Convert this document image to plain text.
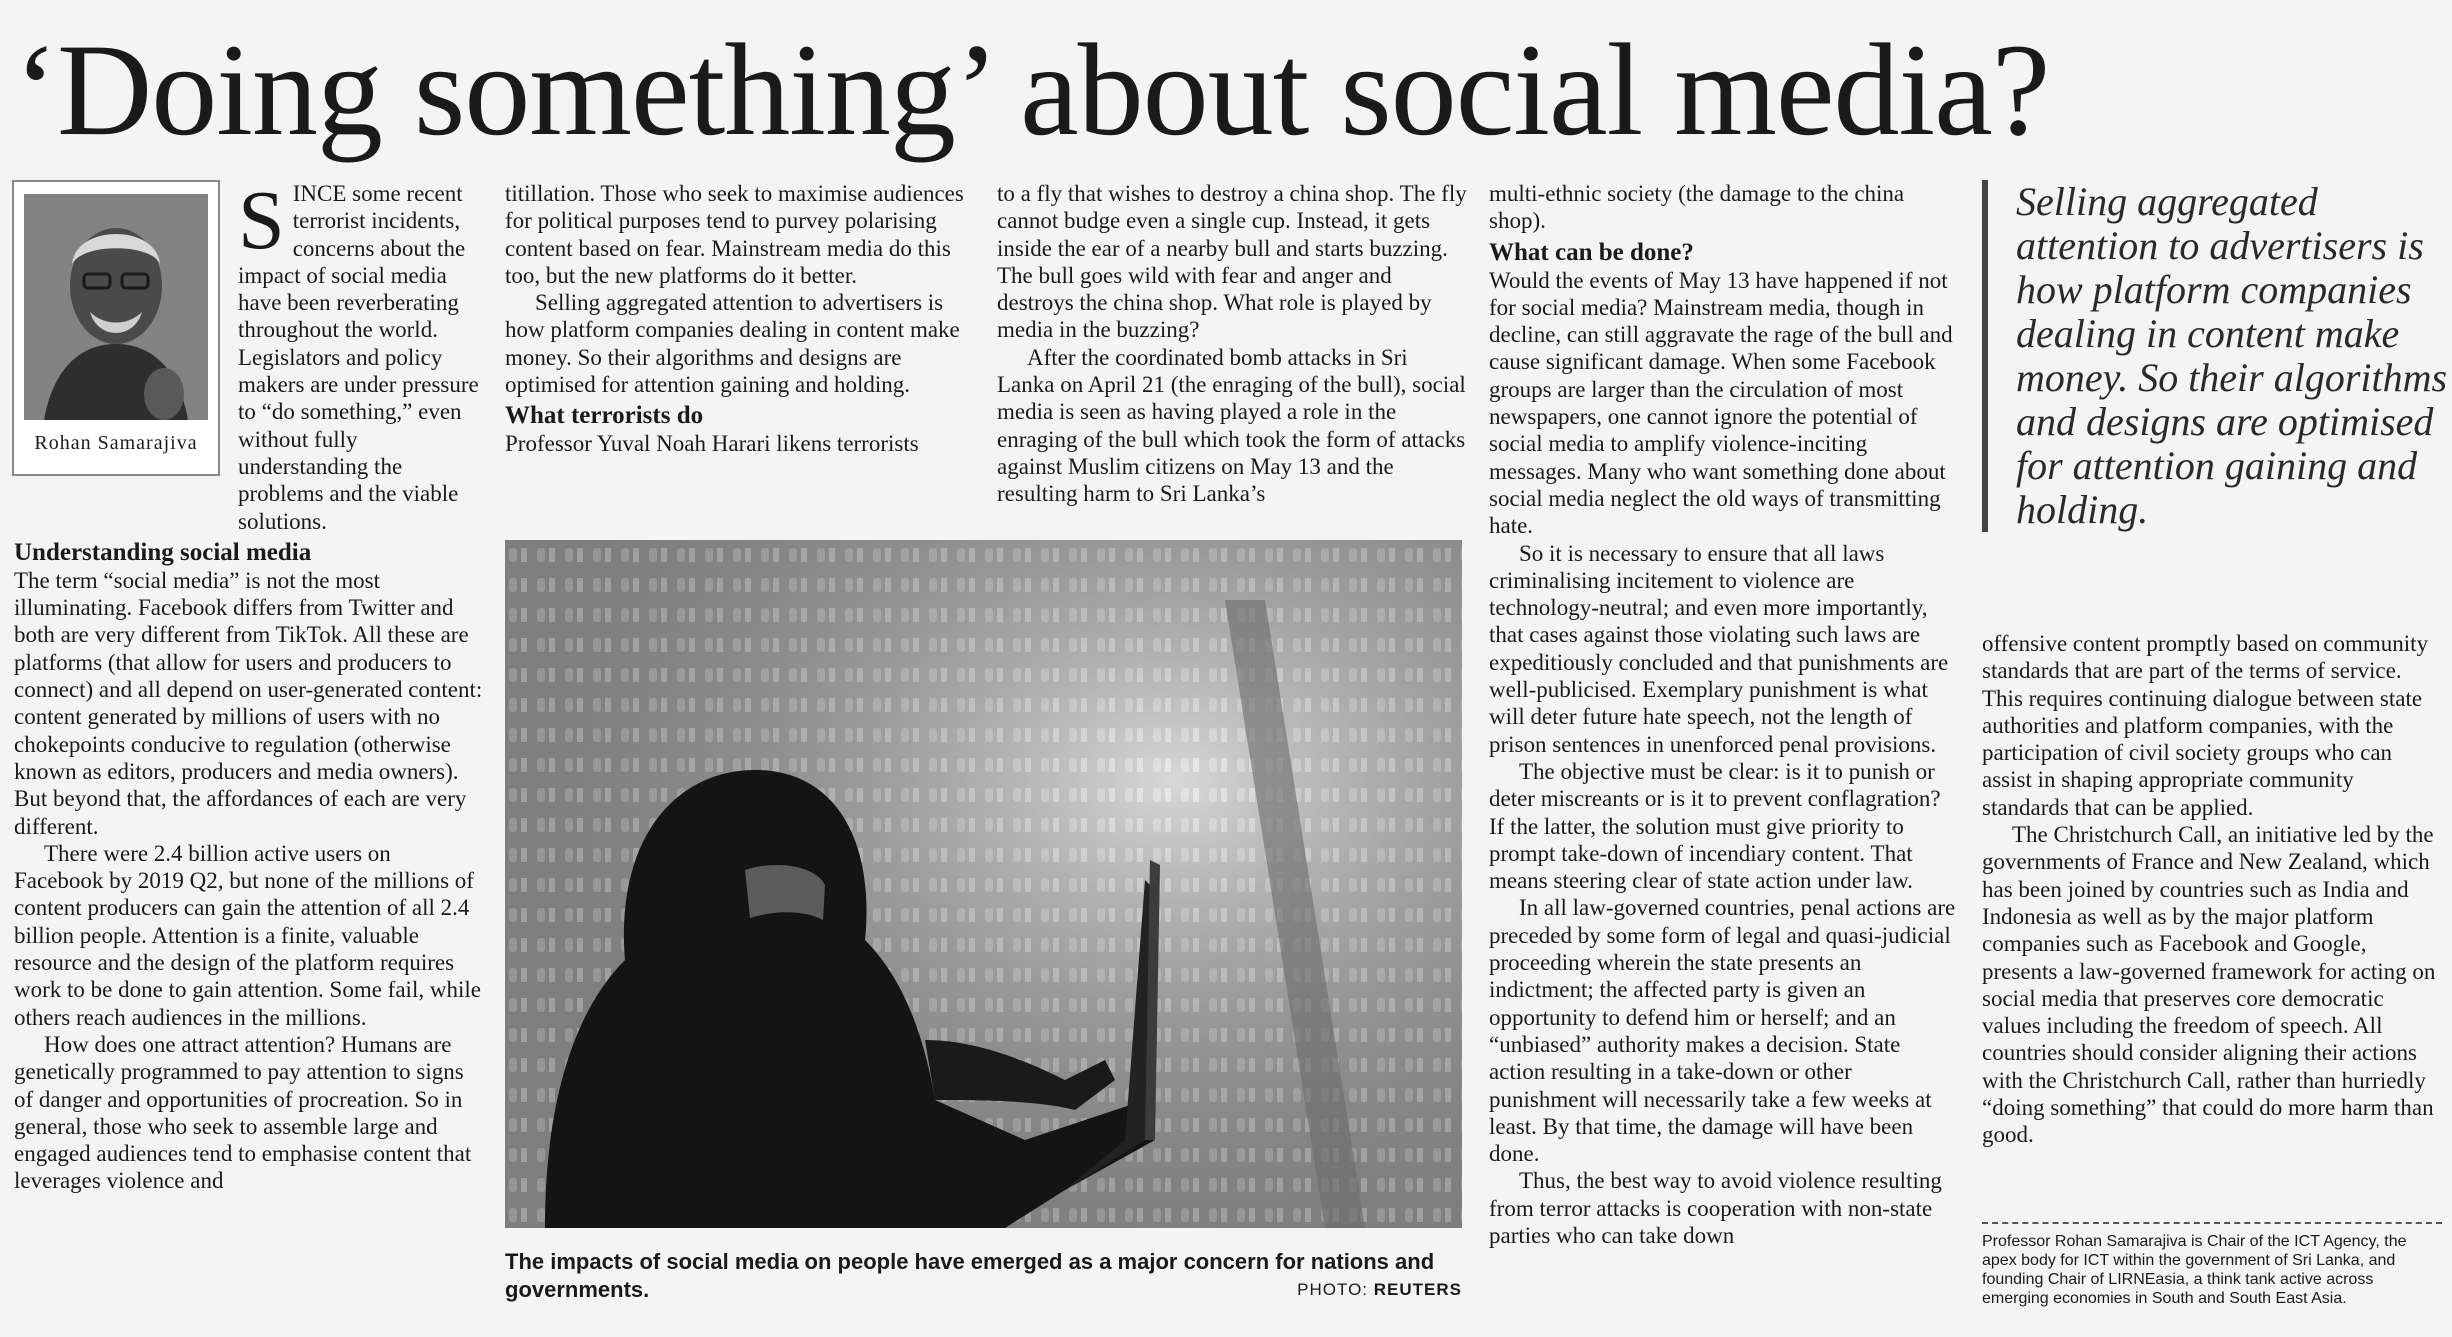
‘Doing something’ about social media?
Rohan Samarajiva
SINCE some recent terrorist incidents, concerns about the impact of social media have been reverberating throughout the world. Legislators and policy makers are under pressure to “do something,” even without fully understanding the problems and the viable solutions.
Understanding social media

The term “social media” is not the most illuminating. Facebook differs from Twitter and both are very different from TikTok. All these are platforms (that allow for users and producers to connect) and all depend on user-generated content: content generated by millions of users with no chokepoints conducive to regulation (otherwise known as editors, producers and media owners). But beyond that, the affordances of each are very different.

There were 2.4 billion active users on Facebook by 2019 Q2, but none of the millions of content producers can gain the attention of all 2.4 billion people. Attention is a finite, valuable resource and the design of the platform requires work to be done to gain attention. Some fail, while others reach audiences in the millions.

How does one attract attention? Humans are genetically programmed to pay attention to signs of danger and opportunities of procreation. So in general, those who seek to assemble large and engaged audiences tend to emphasise content that leverages violence and

titillation. Those who seek to maximise audiences for political purposes tend to purvey polarising content based on fear. Mainstream media do this too, but the new platforms do it better.

Selling aggregated attention to advertisers is how platform companies dealing in content make money. So their algorithms and designs are optimised for attention gaining and holding.

What terrorists do

Professor Yuval Noah Harari likens terrorists

to a fly that wishes to destroy a china shop. The fly cannot budge even a single cup. Instead, it gets inside the ear of a nearby bull and starts buzzing. The bull goes wild with fear and anger and destroys the china shop. What role is played by media in the buzzing?

After the coordinated bomb attacks in Sri Lanka on April 21 (the enraging of the bull), social media is seen as having played a role in the enraging of the bull which took the form of attacks against Muslim citizens on May 13 and the resulting harm to Sri Lanka’s

The impacts of social media on people have emerged as a major concern for nations and governments.	PHOTO: REUTERS

multi-ethnic society (the damage to the china shop).

What can be done?

Would the events of May 13 have happened if not for social media? Mainstream media, though in decline, can still aggravate the rage of the bull and cause significant damage. When some Facebook groups are larger than the circulation of most newspapers, one cannot ignore the potential of social media to amplify violence-inciting messages. Many who want something done about social media neglect the old ways of transmitting hate.

So it is necessary to ensure that all laws criminalising incitement to violence are technology-neutral; and even more importantly, that cases against those violating such laws are expeditiously concluded and that punishments are well-publicised. Exemplary punishment is what will deter future hate speech, not the length of prison sentences in unenforced penal provisions.

The objective must be clear: is it to punish or deter miscreants or is it to prevent conflagration? If the latter, the solution must give priority to prompt take-down of incendiary content. That means steering clear of state action under law.

In all law-governed countries, penal actions are preceded by some form of legal and quasi-judicial proceeding wherein the state presents an indictment; the affected party is given an opportunity to defend him or herself; and an “unbiased” authority makes a decision. State action resulting in a take-down or other punishment will necessarily take a few weeks at least. By that time, the damage will have been done.

Thus, the best way to avoid violence resulting from terror attacks is cooperation with non-state parties who can take down

Selling aggregated attention to advertisers is how platform companies dealing in content make money. So their algorithms and designs are optimised for attention gaining and holding.

offensive content promptly based on community standards that are part of the terms of service. This requires continuing dialogue between state authorities and platform companies, with the participation of civil society groups who can assist in shaping appropriate community standards that can be applied.

The Christchurch Call, an initiative led by the governments of France and New Zealand, which has been joined by countries such as India and Indonesia as well as by the major platform companies such as Facebook and Google, presents a law-governed framework for acting on social media that preserves core democratic values including the freedom of speech. All countries should consider aligning their actions with the Christchurch Call, rather than hurriedly “doing something” that could do more harm than good.

Professor Rohan Samarajiva is Chair of the ICT Agency, the apex body for ICT within the government of Sri Lanka, and founding Chair of LIRNEasia, a think tank active across emerging economies in South and South East Asia.
